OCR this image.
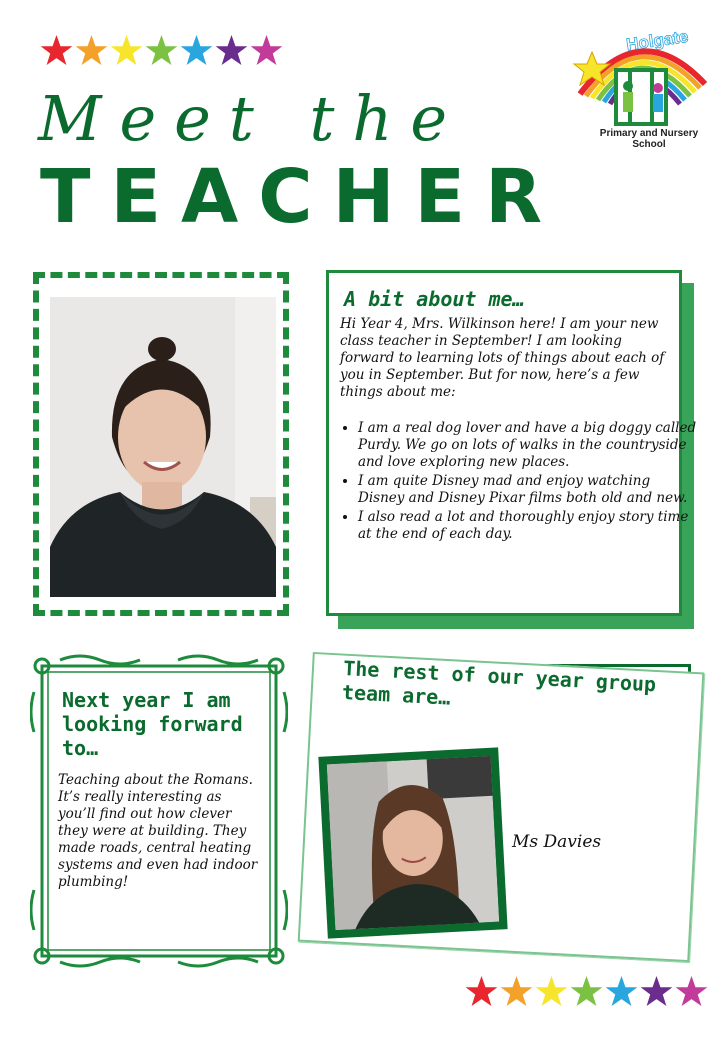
Meet the
TEACHER
Holgate
Primary and Nursery School
A bit about me…
Hi Year 4, Mrs. Wilkinson here! I am your new class teacher in September! I am looking forward to learning lots of things about each of you in September. But for now, here’s a few things about me:
• I am a real dog lover and have a big doggy called Purdy. We go on lots of walks in the countryside and love exploring new places.
• I am quite Disney mad and enjoy watching Disney and Disney Pixar films both old and new.
• I also read a lot and thoroughly enjoy story time at the end of each day.
Next year I am looking forward to…
Teaching about the Romans. It’s really interesting as you’ll find out how clever they were at building. They made roads, central heating systems and even had indoor plumbing!
The rest of our year group team are…
Ms Davies
